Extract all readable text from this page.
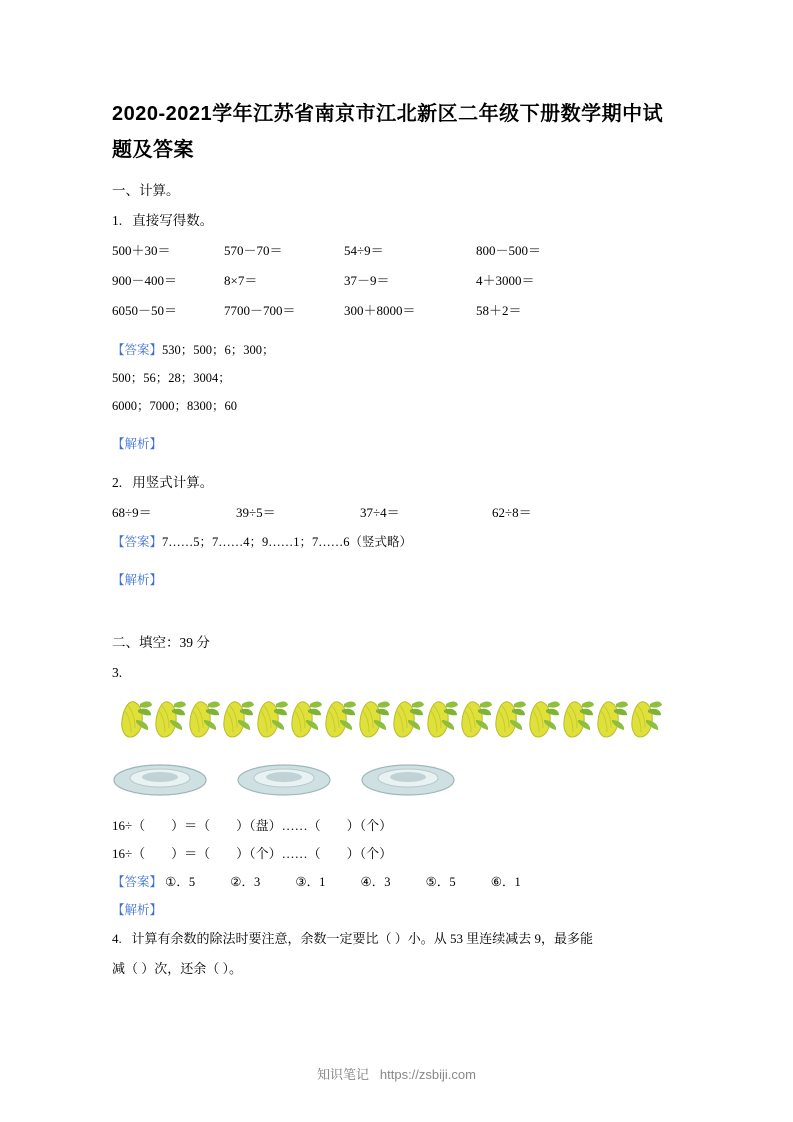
2020-2021学年江苏省南京市江北新区二年级下册数学期中试题及答案

一、计算。

1. 直接写得数。

500＋30＝	570－70＝	54÷9＝	800－500＝
900－400＝	8×7＝	37－9＝	4＋3000＝
6050－50＝	7700－700＝	300＋8000＝	58＋2＝

【答案】530；500；6；300；

500；56；28；3004；

6000；7000；8300；60

【解析】

2. 用竖式计算。

68÷9＝	39÷5＝	37÷4＝	62÷8＝

【答案】7……5；7……4；9……1；7……6（竖式略）

【解析】

二、填空：39 分

3.

16÷（        ）＝（        ）（盘）……（        ）（个）

16÷（        ）＝（        ）（个）……（        ）（个）

【答案】 ①．5	②．3	③．1	④．3	⑤．5	⑥．1

【解析】

4. 计算有余数的除法时要注意，余数一定要比（ ）小。从 53 里连续减去 9，最多能

减（ ）次，还余（ ）。

知识笔记 https://zsbiji.com
